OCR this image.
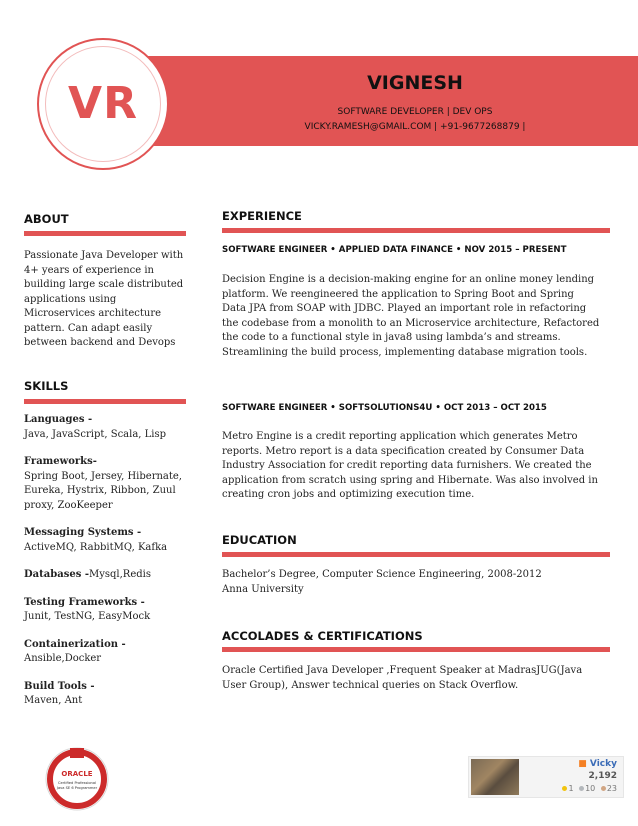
VR	VIGNESH
SOFTWARE DEVELOPER | DEV OPS
VICKY.RAMESH@GMAIL.COM | +91-9677268879 |
ABOUT
Passionate Java Developer with 4+ years of experience in building large scale distributed applications using Microservices architecture pattern. Can adapt easily between backend and Devops
SKILLS
Languages -
Java, JavaScript, Scala, Lisp
Frameworks-
Spring Boot, Jersey, Hibernate, Eureka, Hystrix, Ribbon, Zuul proxy, ZooKeeper
Messaging Systems -
ActiveMQ, RabbitMQ, Kafka
Databases -Mysql,Redis
Testing Frameworks -
Junit, TestNG, EasyMock
Containerization -
Ansible,Docker
Build Tools -
Maven, Ant
EXPERIENCE
SOFTWARE ENGINEER • APPLIED DATA FINANCE • NOV 2015 – PRESENT
Decision Engine is a decision-making engine for an online money lending platform. We reengineered the application to Spring Boot and Spring Data JPA from SOAP with JDBC. Played an important role in refactoring the codebase from a monolith to an Microservice architecture, Refactored the code to a functional style in java8 using lambda’s and streams. Streamlining the build process, implementing database migration tools.
SOFTWARE ENGINEER • SOFTSOLUTIONS4U • OCT 2013 – OCT 2015
Metro Engine is a credit reporting application which generates Metro reports. Metro report is a data specification created by Consumer Data Industry Association for credit reporting data furnishers. We created the application from scratch using spring and Hibernate. Was also involved in creating cron jobs and optimizing execution time.
EDUCATION
Bachelor’s Degree, Computer Science Engineering, 2008-2012
Anna University
ACCOLADES & CERTIFICATIONS
Oracle Certified Java Developer ,Frequent Speaker at MadrasJUG(Java User Group), Answer technical queries on Stack Overflow.
ORACLE
Certified Professional
Java SE 6 Programmer
■ Vicky
2,192
1 10 23
